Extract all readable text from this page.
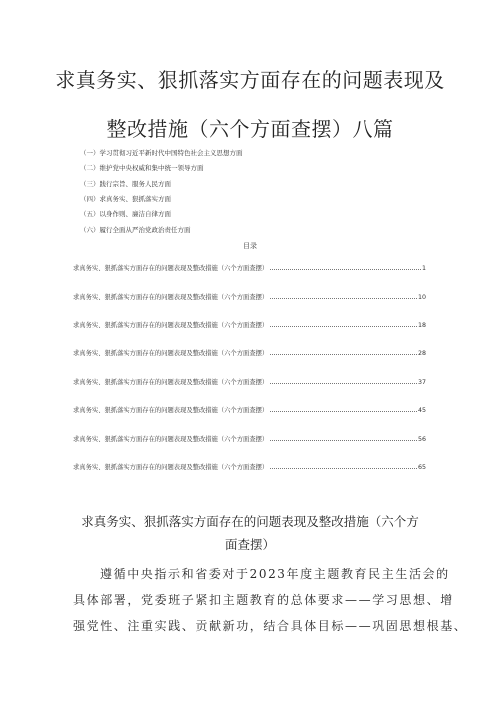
求真务实、狠抓落实方面存在的问题表现及
整改措施（六个方面查摆）八篇
（一）学习贯彻习近平新时代中国特色社会主义思想方面
（二）维护党中央权威和集中统一领导方面
（三）践行宗旨、服务人民方面
（四）求真务实、狠抓落实方面
（五）以身作则、廉洁自律方面
（六）履行全面从严治党政治责任方面
目录
求真务实、狠抓落实方面存在的问题表现及整改措施（六个方面查摆）	1
求真务实、狠抓落实方面存在的问题表现及整改措施（六个方面查摆）	10
求真务实、狠抓落实方面存在的问题表现及整改措施（六个方面查摆）	18
求真务实、狠抓落实方面存在的问题表现及整改措施（六个方面查摆）	28
求真务实、狠抓落实方面存在的问题表现及整改措施（六个方面查摆）	37
求真务实、狠抓落实方面存在的问题表现及整改措施（六个方面查摆）	45
求真务实、狠抓落实方面存在的问题表现及整改措施（六个方面查摆）	56
求真务实、狠抓落实方面存在的问题表现及整改措施（六个方面查摆）	65
求真务实、狠抓落实方面存在的问题表现及整改措施（六个方
面查摆）
遵循中央指示和省委对于2023年度主题教育民主生活会的
具体部署，党委班子紧扣主题教育的总体要求——学习思想、增
强党性、注重实践、贡献新功，结合具体目标——巩固思想根基、
